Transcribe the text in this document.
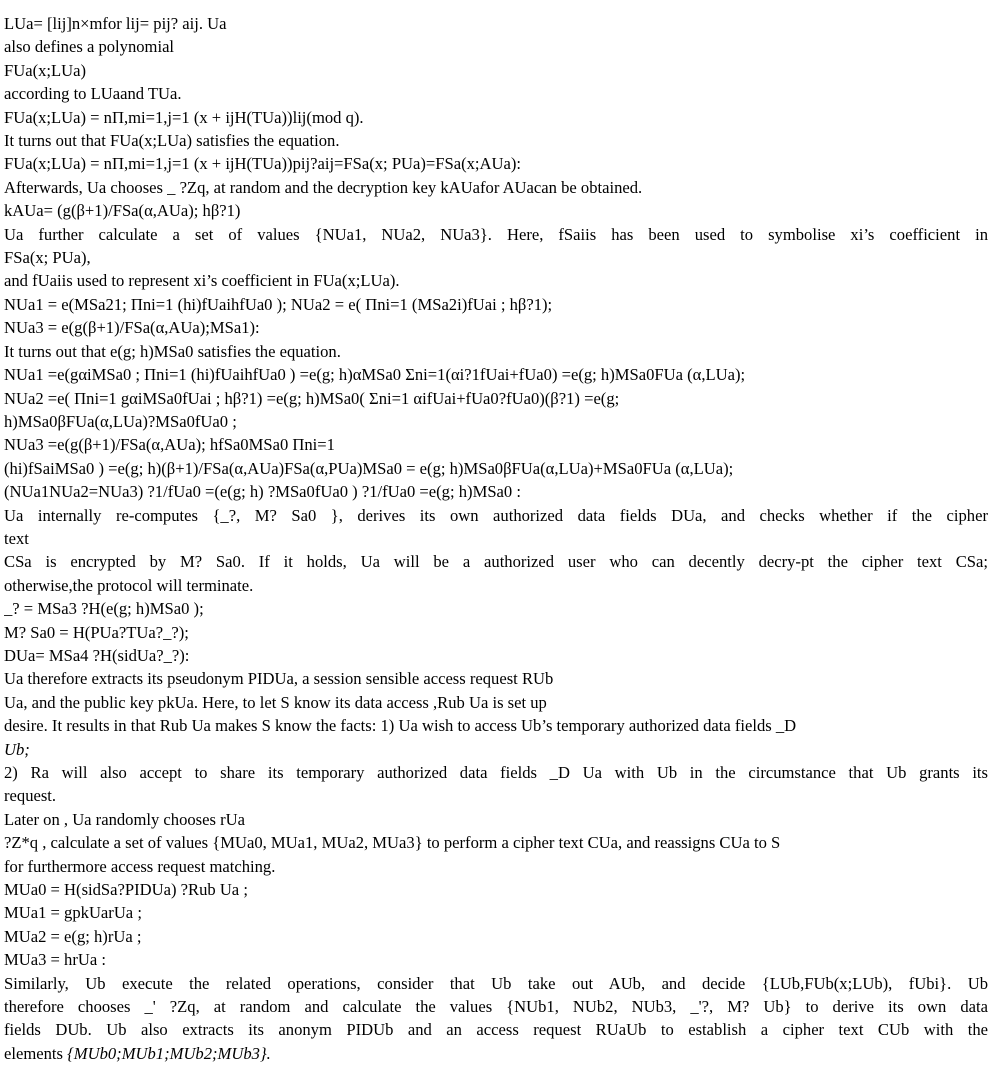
LUa= [lij]n×mfor lij= pij? aij. Ua
also defines a polynomial
FUa(x;LUa)
according to LUaand TUa.
FUa(x;LUa) = nΠ,mi=1,j=1 (x + ijH(TUa))lij(mod q).
It turns out that FUa(x;LUa) satisfies the equation.
FUa(x;LUa) = nΠ,mi=1,j=1 (x + ijH(TUa))pij?aij=FSa(x; PUa)=FSa(x;AUa):
Afterwards, Ua chooses _ ?Zq, at random and the decryption key kAUafor AUacan be obtained.
kAUa= (g(β+1)/FSa(α,AUa); hβ?1)
Ua further calculate a set of values {NUa1, NUa2, NUa3}. Here, fSaiis has been used to symbolise xi’s coefficient in
FSa(x; PUa),
and fUaiis used to represent xi’s coefficient in FUa(x;LUa).
NUa1 = e(MSa21; Πni=1 (hi)fUaihfUa0 ); NUa2 = e( Πni=1 (MSa2i)fUai ; hβ?1);
NUa3 = e(g(β+1)/FSa(α,AUa);MSa1):
It turns out that e(g; h)MSa0 satisfies the equation.
NUa1 =e(gαiMSa0 ; Πni=1 (hi)fUaihfUa0 ) =e(g; h)αMSa0 Σni=1(αi?1fUai+fUa0) =e(g; h)MSa0FUa (α,LUa);
NUa2 =e( Πni=1 gαiMSa0fUai ; hβ?1) =e(g; h)MSa0( Σni=1 αifUai+fUa0?fUa0)(β?1) =e(g;
h)MSa0βFUa(α,LUa)?MSa0fUa0 ;
NUa3 =e(g(β+1)/FSa(α,AUa); hfSa0MSa0 Πni=1
(hi)fSaiMSa0 ) =e(g; h)(β+1)/FSa(α,AUa)FSa(α,PUa)MSa0 = e(g; h)MSa0βFUa(α,LUa)+MSa0FUa (α,LUa);
(NUa1NUa2=NUa3) ?1/fUa0 =(e(g; h) ?MSa0fUa0 ) ?1/fUa0 =e(g; h)MSa0 :
Ua internally re-computes {_?, M? Sa0 }, derives its own authorized data fields DUa, and checks whether if the cipher
text
CSa is encrypted by M? Sa0. If it holds, Ua will be a authorized user who can decently decry-pt the cipher text CSa;
otherwise,the protocol will terminate.
_? = MSa3 ?H(e(g; h)MSa0 );
M? Sa0 = H(PUa?TUa?_?);
DUa= MSa4 ?H(sidUa?_?):
Ua therefore extracts its pseudonym PIDUa, a session sensible access request RUb
Ua, and the public key pkUa. Here, to let S know its data access ,Rub Ua is set up
desire. It results in that Rub Ua makes S know the facts: 1) Ua wish to access Ub’s temporary authorized data fields _D
Ub;
2) Ra will also accept to share its temporary authorized data fields _D Ua with Ub in the circumstance that Ub grants its
request.
Later on , Ua randomly chooses rUa
?Z*q , calculate a set of values {MUa0, MUa1, MUa2, MUa3} to perform a cipher text CUa, and reassigns CUa to S
for furthermore access request matching.
MUa0 = H(sidSa?PIDUa) ?Rub Ua ;
MUa1 = gpkUarUa ;
MUa2 = e(g; h)rUa ;
MUa3 = hrUa :
Similarly, Ub execute the related operations, consider that Ub take out AUb, and decide {LUb,FUb(x;LUb), fUbi}. Ub
therefore chooses _' ?Zq, at random and calculate the values {NUb1, NUb2, NUb3, _'?, M? Ub} to derive its own data
fields DUb. Ub also extracts its anonym PIDUb and an access request RUaUb to establish a cipher text CUb with the
elements {MUb0;MUb1;MUb2;MUb3}.
